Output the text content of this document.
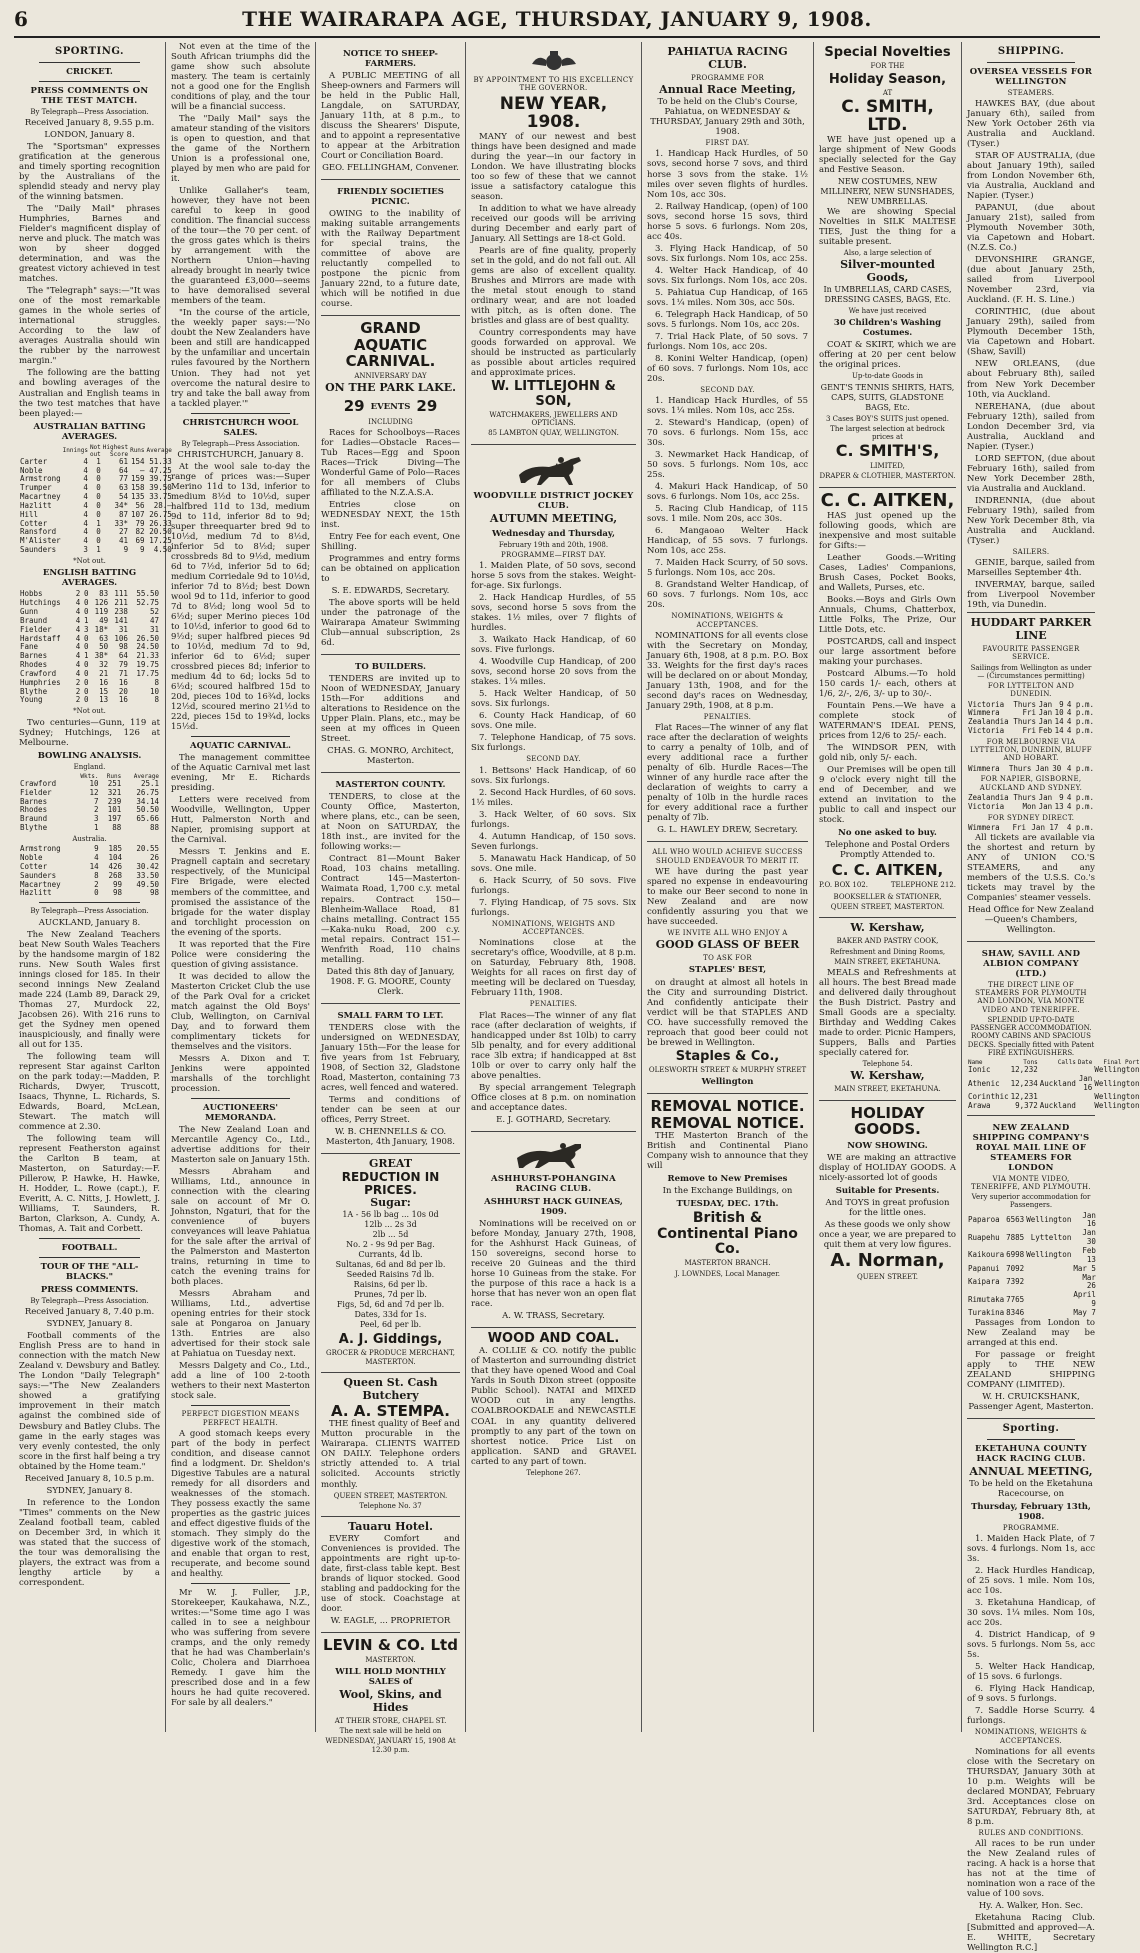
6	THE WAIRARAPA AGE, THURSDAY, JANUARY 9, 1908.
SPORTING.
CRICKET.
PRESS COMMENTS ON THE TEST MATCH.
By Telegraph—Press Association.

Received January 8, 9.55 p.m.

LONDON, January 8.

The "Sportsman" expresses gratification at the generous and timely sporting recognition by the Australians of the splendid steady and nervy play of the winning batsmen.

The "Daily Mail" phrases Humphries, Barnes and Fielder's magnificent display of nerve and pluck. The match was won by sheer dogged determination, and was the greatest victory achieved in test matches.

The "Telegraph" says:—"It was one of the most remarkable games in the whole series of international struggles. According to the law of averages Australia should win the rubber by the narrowest margin."

The following are the batting and bowling averages of the Australian and English teams in the two test matches that have been played:—

AUSTRALIAN BATTING AVERAGES.
	Innings	Not out	Highest Score	Runs	Average
Carter	4	1	61	154	51.33
Noble	4	0	64	—	47.25
Armstrong	4	0	77	159	39.75
Trumper	4	0	63	158	39.50
Macartney	4	0	54	135	33.75
Hazlitt	4	0	34*	56	28.—
Hill	4	0	87	107	26.75
Cotter	4	1	33*	79	26.33
Ransford	4	0	27	82	20.50
M'Alister	4	0	41	69	17.25
Saunders	3	1	9	9	4.50
*Not out.
ENGLISH BATTING AVERAGES.
Hobbs	2	0	83	111	55.50
Hutchings	4	0	126	211	52.75
Gunn	4	0	119	238	52
Braund	4	1	49	141	47
Fielder	4	3	18*	31	31
Hardstaff	4	0	63	106	26.50
Fane	4	0	50	98	24.50
Barnes	4	1	38*	64	21.33
Rhodes	4	0	32	79	19.75
Crawford	4	0	21	71	17.75
Humphries	2	0	16	16	8
Blythe	2	0	15	20	10
Young	2	0	13	16	8
*Not out.

Two centuries—Gunn, 119 at Sydney; Hutchings, 126 at Melbourne.

BOWLING ANALYSIS.
England.
	Wkts.	Runs	Average
Crawford	10	251	25.1
Fielder	12	321	26.75
Barnes	7	239	34.14
Rhodes	2	101	50.50
Braund	3	197	65.66
Blythe	1	88	88
Australia.
Armstrong	9	185	20.55
Noble	4	104	26
Cotter	14	426	30.42
Saunders	8	268	33.50
Macartney	2	99	49.50
Hazlitt	0	98	98
By Telegraph—Press Association.

AUCKLAND, January 8.

The New Zealand Teachers beat New South Wales Teachers by the handsome margin of 182 runs. New South Wales first innings closed for 185. In their second innings New Zealand made 224 (Lamb 89, Darack 29, Thomas 27, Murdock 22, Jacobsen 26). With 216 runs to get the Sydney men opened inauspiciously, and finally were all out for 135.

The following team will represent Star against Carlton on the park today:—Madden, P. Richards, Dwyer, Truscott, Isaacs, Thynne, L. Richards, S. Edwards, Board, McLean, Stewart. The match will commence at 2.30.

The following team will represent Featherston against the Carlton B team, at Masterton, on Saturday:—F. Pillerow, P. Hawke, H. Hawke, H. Hodder, L. Rowe (capt.), F. Everitt, A. C. Nitts, J. Howlett, J. Williams, T. Saunders, R. Barton, Clarkson, A. Cundy, A. Thomas, A. Tait and Corbett.

FOOTBALL.
TOUR OF THE "ALL-BLACKS."
PRESS COMMENTS.
By Telegraph—Press Association.

Received January 8, 7.40 p.m.

SYDNEY, January 8.

Football comments of the English Press are to hand in connection with the match New Zealand v. Dewsbury and Batley. The London "Daily Telegraph" says:—"The New Zealanders showed a gratifying improvement in their match against the combined side of Dewsbury and Batley Clubs. The game in the early stages was very evenly contested, the only score in the first half being a try obtained by the Home team."

Received January 8, 10.5 p.m.

SYDNEY, January 8.

In reference to the London "Times" comments on the New Zealand football team, cabled on December 3rd, in which it was stated that the success of the tour was demoralising the players, the extract was from a lengthy article by a correspondent.

Not even at the time of the South African triumphs did the game show such absolute mastery. The team is certainly not a good one for the English conditions of play, and the tour will be a financial success.

The "Daily Mail" says the amateur standing of the visitors is open to question, and that the game of the Northern Union is a professional one, played by men who are paid for it.

Unlike Gallaher's team, however, they have not been careful to keep in good condition. The financial success of the tour—the 70 per cent. of the gross gates which is theirs by arrangement with the Northern Union—having already brought in nearly twice the guaranteed £3,000—seems to have demoralised several members of the team.

"In the course of the article, the weekly paper says:—'No doubt the New Zealanders have been and still are handicapped by the unfamiliar and uncertain rules favoured by the Northern Union. They had not yet overcome the natural desire to try and take the ball away from a tackled player.'"

CHRISTCHURCH WOOL SALES.
By Telegraph—Press Association.

CHRISTCHURCH, January 8.

At the wool sale to-day the range of prices was:—Super Merino 11d to 13d, inferior to medium 8½d to 10½d, super halfbred 11d to 13d, medium 9d to 11d, inferior 8d to 9d; super threequarter bred 9d to 10½d, medium 7d to 8½d, inferior 5d to 8½d; super crossbreds 8d to 9½d, medium 6d to 7½d, inferior 5d to 6d; medium Corriedale 9d to 10½d, inferior 7d to 8½d; best Down wool 9d to 11d, inferior to good 7d to 8½d; long wool 5d to 6½d; super Merino pieces 10d to 10½d, inferior to good 6d to 9½d; super halfbred pieces 9d to 10½d, medium 7d to 9d, inferior 6d to 6½d; super crossbred pieces 8d; inferior to medium 4d to 6d; locks 5d to 6½d; scoured halfbred 15d to 20d, pieces 10d to 16¾d, locks 12½d, scoured merino 21½d to 22d, pieces 15d to 19¾d, locks 15½d.

AQUATIC CARNIVAL.

The management committee of the Aquatic Carnival met last evening, Mr E. Richards presiding.

Letters were received from Woodville, Wellington, Upper Hutt, Palmerston North and Napier, promising support at the Carnival.

Messrs T. Jenkins and E. Pragnell captain and secretary respectively, of the Municipal Fire Brigade, were elected members of the committee, and promised the assistance of the brigade for the water display and torchlight procession on the evening of the sports.

It was reported that the Fire Police were considering the question of giving assistance.

It was decided to allow the Masterton Cricket Club the use of the Park Oval for a cricket match against the Old Boys' Club, Wellington, on Carnival Day, and to forward them complimentary tickets for themselves and the visitors.

Messrs A. Dixon and T. Jenkins were appointed marshalls of the torchlight procession.

AUCTIONEERS' MEMORANDA.

The New Zealand Loan and Mercantile Agency Co., Ltd., advertise additions for their Masterton sale on January 15th.

Messrs Abraham and Williams, Ltd., announce in connection with the clearing sale on account of Mr O. Johnston, Ngaturi, that for the convenience of buyers conveyances will leave Pahiatua for the sale after the arrival of the Palmerston and Masterton trains, returning in time to catch the evening trains for both places.

Messrs Abraham and Williams, Ltd., advertise opening entries for their stock sale at Pongaroa on January 13th. Entries are also advertised for their stock sale at Pahiatua on Tuesday next.

Messrs Dalgety and Co., Ltd., add a line of 100 2-tooth wethers to their next Masterton stock sale.

PERFECT DIGESTION MEANS PERFECT HEALTH.

A good stomach keeps every part of the body in perfect condition, and disease cannot find a lodgment. Dr. Sheldon's Digestive Tabules are a natural remedy for all disorders and weaknesses of the stomach. They possess exactly the same properties as the gastric juices and effect digestive fluids of the stomach. They simply do the digestive work of the stomach, and enable that organ to rest, recuperate, and become sound and healthy.

Mr W. J. Fuller, J.P., Storekeeper, Kaukahawa, N.Z., writes:—"Some time ago I was called in to see a neighbour who was suffering from severe cramps, and the only remedy that he had was Chamberlain's Colic, Cholera and Diarrhoea Remedy. I gave him the prescribed dose and in a few hours he had quite recovered. For sale by all dealers."

NOTICE TO SHEEP-FARMERS.

A PUBLIC MEETING of all Sheep-owners and Farmers will be held in the Public Hall, Langdale, on SATURDAY, January 11th, at 8 p.m., to discuss the Shearers' Dispute, and to appoint a representative to appear at the Arbitration Court or Conciliation Board.

GEO. FELLINGHAM, Convener.

FRIENDLY SOCIETIES PICNIC.

OWING to the inability of making suitable arrangements with the Railway Department for special trains, the committee of above are reluctantly compelled to postpone the picnic from January 22nd, to a future date, which will be notified in due course.

GRAND
AQUATIC
CARNIVAL.
ANNIVERSARY DAY
ON THE PARK LAKE.
29 EVENTS 29
INCLUDING

Races for Schoolboys—Races for Ladies—Obstacle Races—Tub Races—Egg and Spoon Races—Trick Diving—The Wonderful Game of Polo—Races for all members of Clubs affiliated to the N.Z.A.S.A.

Entries close on WEDNESDAY NEXT, the 15th inst.

Entry Fee for each event, One Shilling.

Programmes and entry forms can be obtained on application to

S. E. EDWARDS, Secretary.

The above sports will be held under the patronage of the Wairarapa Amateur Swimming Club—annual subscription, 2s 6d.

TO BUILDERS.

TENDERS are invited up to Noon of WEDNESDAY, January 15th—For additions and alterations to Residence on the Upper Plain. Plans, etc., may be seen at my offices in Queen Street.

CHAS. G. MONRO, Architect, Masterton.

MASTERTON COUNTY.

TENDERS, to close at the County Office, Masterton, where plans, etc., can be seen, at Noon on SATURDAY, the 18th inst., are invited for the following works:—

Contract 81—Mount Baker Road, 103 chains metalling. Contract 145—Masterton-Waimata Road, 1,700 c.y. metal repairs. Contract 150—Blenheim-Wallace Road, 81 chains metalling. Contract 155—Kaka-nuku Road, 200 c.y. metal repairs. Contract 151—Wenfrith Road, 110 chains metalling.

Dated this 8th day of January, 1908. F. G. MOORE, County Clerk.

SMALL FARM TO LET.

TENDERS close with the undersigned on WEDNESDAY, January 15th—For the lease for five years from 1st February, 1908, of Section 32, Gladstone Road, Masterton, containing 73 acres, well fenced and watered.

Terms and conditions of tender can be seen at our offices, Perry Street.

W. B. CHENNELLS & CO. Masterton, 4th January, 1908.

GREAT
REDUCTION IN PRICES.
Sugar:
1A - 56 lb bag ... 10s 0d
12lb ... 2s 3d
2lb ... 5d
No. 2 - 9s 9d per Bag.
Currants, 4d lb.
Sultanas, 6d and 8d per lb.
Seeded Raisins 7d lb.
Raisins, 6d per lb.
Prunes, 7d per lb.
Figs, 5d, 6d and 7d per lb.
Dates, 33d for 1s.
Peel, 6d per lb.
A. J. Giddings,
GROCER & PRODUCE MERCHANT, MASTERTON.
Queen St. Cash Butchery
A. A. STEMPA.

THE finest quality of Beef and Mutton procurable in the Wairarapa. CLIENTS WAITED ON DAILY. Telephone orders strictly attended to. A trial solicited. Accounts strictly monthly.

QUEEN STREET, MASTERTON.
Telephone No. 37
Tauaru Hotel.

EVERY Comfort and Conveniences is provided. The appointments are right up-to-date, first-class table kept. Best brands of liquor stocked. Good stabling and paddocking for the use of stock. Coachstage at door.

W. EAGLE, ... PROPRIETOR

LEVIN & CO. Ltd
MASTERTON.
WILL HOLD MONTHLY SALES of
Wool, Skins, and Hides
AT THEIR STORE, CHAPEL ST.
The next sale will be held on
WEDNESDAY, JANUARY 15, 1908 At 12.30 p.m.
BY APPOINTMENT TO HIS EXCELLENCY THE GOVERNOR.
NEW YEAR, 1908.

MANY of our newest and best things have been designed and made during the year—in our factory in London. We have illustrating blocks too so few of these that we cannot issue a satisfactory catalogue this season.

In addition to what we have already received our goods will be arriving during December and early part of January. All Settings are 18-ct Gold.

Pearls are of fine quality, properly set in the gold, and do not fall out. All gems are also of excellent quality. Brushes and Mirrors are made with the metal stout enough to stand ordinary wear, and are not loaded with pitch, as is often done. The bristles and glass are of best quality.

Country correspondents may have goods forwarded on approval. We should be instructed as particularly as possible about articles required and approximate prices.

W. LITTLEJOHN & SON,
WATCHMAKERS, JEWELLERS AND OPTICIANS.
85 LAMBTON QUAY, WELLINGTON.
WOODVILLE DISTRICT JOCKEY CLUB.
AUTUMN MEETING,
Wednesday and Thursday,
February 19th and 20th, 1908.
PROGRAMME—FIRST DAY.

1. Maiden Plate, of 50 sovs, second horse 5 sovs from the stakes. Weight-for-age. Six furlongs.

2. Hack Handicap Hurdles, of 55 sovs, second horse 5 sovs from the stakes. 1½ miles, over 7 flights of hurdles.

3. Waikato Hack Handicap, of 60 sovs. Five furlongs.

4. Woodville Cup Handicap, of 200 sovs, second horse 20 sovs from the stakes. 1¼ miles.

5. Hack Welter Handicap, of 50 sovs. Six furlongs.

6. County Hack Handicap, of 60 sovs. One mile.

7. Telephone Handicap, of 75 sovs. Six furlongs.

SECOND DAY.

1. Bettsons' Hack Handicap, of 60 sovs. Six furlongs.

2. Second Hack Hurdles, of 60 sovs. 1½ miles.

3. Hack Welter, of 60 sovs. Six furlongs.

4. Autumn Handicap, of 150 sovs. Seven furlongs.

5. Manawatu Hack Handicap, of 50 sovs. One mile.

6. Hack Scurry, of 50 sovs. Five furlongs.

7. Flying Handicap, of 75 sovs. Six furlongs.

NOMINATIONS, WEIGHTS AND ACCEPTANCES.

Nominations close at the secretary's office, Woodville, at 8 p.m. on Saturday, February 8th, 1908. Weights for all races on first day of meeting will be declared on Tuesday, February 11th, 1908.

PENALTIES.

Flat Races—The winner of any flat race (after declaration of weights, if handicapped under 8st 10lb) to carry 5lb penalty, and for every additional race 3lb extra; if handicapped at 8st 10lb or over to carry only half the above penalties.

By special arrangement Telegraph Office closes at 8 p.m. on nomination and acceptance dates.

E. J. GOTHARD, Secretary.

ASHHURST-POHANGINA RACING CLUB.
ASHHURST HACK GUINEAS, 1909.

Nominations will be received on or before Monday, January 27th, 1908, for the Ashhurst Hack Guineas, of 150 sovereigns, second horse to receive 20 Guineas and the third horse 10 Guineas from the stake. For the purpose of this race a hack is a horse that has never won an open flat race.

A. W. TRASS, Secretary.

WOOD AND COAL.

A. COLLIE & CO. notify the public of Masterton and surrounding district that they have opened Wood and Coal Yards in South Dixon street (opposite Public School). NATAI and MIXED WOOD cut in any lengths. COALBROOKDALE and NEWCASTLE COAL in any quantity delivered promptly to any part of the town on shortest notice. Price List on application. SAND and GRAVEL carted to any part of town.

Telephone 267.
PAHIATUA RACING CLUB.
PROGRAMME FOR
Annual Race Meeting,

To be held on the Club's Course, Pahiatua, on WEDNESDAY & THURSDAY, January 29th and 30th, 1908.

FIRST DAY.

1. Handicap Hack Hurdles, of 50 sovs, second horse 7 sovs, and third horse 3 sovs from the stake. 1½ miles over seven flights of hurdles. Nom 10s, acc 30s.

2. Railway Handicap, (open) of 100 sovs, second horse 15 sovs, third horse 5 sovs. 6 furlongs. Nom 20s, acc 40s.

3. Flying Hack Handicap, of 50 sovs. Six furlongs. Nom 10s, acc 25s.

4. Welter Hack Handicap, of 40 sovs. Six furlongs. Nom 10s, acc 20s.

5. Pahiatua Cup Handicap, of 165 sovs. 1¼ miles. Nom 30s, acc 50s.

6. Telegraph Hack Handicap, of 50 sovs. 5 furlongs. Nom 10s, acc 20s.

7. Trial Hack Plate, of 50 sovs. 7 furlongs. Nom 10s, acc 20s.

8. Konini Welter Handicap, (open) of 60 sovs. 7 furlongs. Nom 10s, acc 20s.

SECOND DAY.

1. Handicap Hack Hurdles, of 55 sovs. 1¼ miles. Nom 10s, acc 25s.

2. Steward's Handicap, (open) of 70 sovs. 6 furlongs. Nom 15s, acc 30s.

3. Newmarket Hack Handicap, of 50 sovs. 5 furlongs. Nom 10s, acc 25s.

4. Makuri Hack Handicap, of 50 sovs. 6 furlongs. Nom 10s, acc 25s.

5. Racing Club Handicap, of 115 sovs. 1 mile. Nom 20s, acc 30s.

6. Mangaoao Welter Hack Handicap, of 55 sovs. 7 furlongs. Nom 10s, acc 25s.

7. Maiden Hack Scurry, of 50 sovs. 5 furlongs. Nom 10s, acc 20s.

8. Grandstand Welter Handicap, of 60 sovs. 7 furlongs. Nom 10s, acc 20s.

NOMINATIONS, WEIGHTS & ACCEPTANCES.

NOMINATIONS for all events close with the Secretary on Monday, January 6th, 1908, at 8 p.m. P.O. Box 33. Weights for the first day's races will be declared on or about Monday, January 13th, 1908, and for the second day's races on Wednesday, January 29th, 1908, at 8 p.m.

PENALTIES.

Flat Races—The winner of any flat race after the declaration of weights to carry a penalty of 10lb, and of every additional race a further penalty of 6lb. Hurdle Races—The winner of any hurdle race after the declaration of weights to carry a penalty of 10lb in the hurdle races for every additional race a further penalty of 7lb.

G. L. HAWLEY DREW, Secretary.

ALL WHO WOULD ACHIEVE SUCCESS SHOULD ENDEAVOUR TO MERIT IT.

WE have during the past year spared no expense in endeavouring to make our Beer second to none in New Zealand and are now confidently assuring you that we have succeeded.

WE INVITE ALL WHO ENJOY A
GOOD GLASS OF BEER
TO ASK FOR
STAPLES' BEST,

on draught at almost all hotels in the City and surrounding District. And confidently anticipate their verdict will be that STAPLES AND CO. have successfully removed the reproach that good beer could not be brewed in Wellington.

Staples & Co.,
OLESWORTH STREET & MURPHY STREET
Wellington
REMOVAL NOTICE.
REMOVAL NOTICE.

THE Masterton Branch of the British and Continental Piano Company wish to announce that they will

Remove to New Premises

In the Exchange Buildings, on

TUESDAY, DEC. 17th.
British & Continental Piano Co.
MASTERTON BRANCH.
J. LOWNDES, Local Manager.
Special Novelties
FOR THE
Holiday Season,
AT
C. SMITH, LTD.

WE have just opened up a large shipment of New Goods specially selected for the Gay and Festive Season.

NEW COSTUMES, NEW MILLINERY, NEW SUNSHADES, NEW UMBRELLAS.

We are showing Special Novelties in SILK MALTESE TIES, Just the thing for a suitable present.

Also, a large selection of
Silver-mounted Goods,
In UMBRELLAS, CARD CASES, DRESSING CASES, BAGS, Etc.
We have just received
30 Children's Washing Costumes.

COAT & SKIRT, which we are offering at 20 per cent below the original prices.

Up-to-date Goods in
GENT'S TENNIS SHIRTS, HATS, CAPS, SUITS, GLADSTONE BAGS, Etc.
3 Cases BOY'S SUITS just opened.
The largest selection at bedrock prices at
C. SMITH'S,
LIMITED,
DRAPER & CLOTHIER, MASTERTON.
C. C. AITKEN,

HAS just opened up the following goods, which are inexpensive and most suitable for Gifts:—

Leather Goods.—Writing Cases, Ladies' Companions, Brush Cases, Pocket Books, and Wallets, Purses, etc.

Books.—Boys and Girls Own Annuals, Chums, Chatterbox, Little Folks, The Prize, Our Little Dots, etc.

POSTCARDS, call and inspect our large assortment before making your purchases.

Postcard Albums.—To hold 150 cards 1/- each, others at 1/6, 2/-, 2/6, 3/- up to 30/-.

Fountain Pens.—We have a complete stock of WATERMAN'S IDEAL PENS, prices from 12/6 to 25/- each.

The WINDSOR PEN, with gold nib, only 5/- each.

Our Premises will be open till 9 o'clock every night till the end of December, and we extend an invitation to the public to call and inspect our stock.

No one asked to buy.

Telephone and Postal Orders Promptly Attended to.

C. C. AITKEN,
P.O. BOX 102.	TELEPHONE 212.
BOOKSELLER & STATIONER,
QUEEN STREET, MASTERTON.
W. Kershaw,
BAKER AND PASTRY COOK,
Refreshment and Dining Rooms,
MAIN STREET, EKETAHUNA.

MEALS and Refreshments at all hours. The best Bread made and delivered daily throughout the Bush District. Pastry and Small Goods are a specialty. Birthday and Wedding Cakes made to order. Picnic Hampers, Suppers, Balls and Parties specially catered for.

Telephone 54.
W. Kershaw,
MAIN STREET, EKETAHUNA.
HOLIDAY GOODS.
NOW SHOWING.

WE are making an attractive display of HOLIDAY GOODS. A nicely-assorted lot of goods

Suitable for Presents.

And TOYS in great profusion for the little ones.

As these goods we only show once a year, we are prepared to quit them at very low figures.

A. Norman,
QUEEN STREET.
SHIPPING.
OVERSEA VESSELS FOR WELLINGTON
STEAMERS.

HAWKES BAY, (due about January 6th), sailed from New York October 26th via Australia and Auckland. (Tyser.)

STAR OF AUSTRALIA, (due about January 19th), sailed from London November 6th, via Australia, Auckland and Napier. (Tyser.)

PAPANUI, (due about January 21st), sailed from Plymouth November 30th, via Capetown and Hobart. (N.Z.S. Co.)

DEVONSHIRE GRANGE, (due about January 25th, sailed from Liverpool November 23rd, via Auckland. (F. H. S. Line.)

CORINTHIC, (due about January 29th), sailed from Plymouth December 15th, via Capetown and Hobart. (Shaw, Savill)

NEW ORLEANS, (due about February 8th), sailed from New York December 10th, via Auckland.

NEREHANA, (due about February 12th), sailed from London December 3rd, via Australia, Auckland and Napier. (Tyser.)

LORD SEFTON, (due about February 16th), sailed from New York December 28th, via Australia and Auckland.

INDRENNIA, (due about February 19th), sailed from New York December 8th, via Australia and Auckland. (Tyser.)

SAILERS.

GENIE, barque, sailed from Marseilles September 4th.

INVERMAY, barque, sailed from Liverpool November 19th, via Dunedin.

HUDDART PARKER LINE
FAVOURITE PASSENGER SERVICE.
Sailings from Wellington as under — (Circumstances permitting)
FOR LYTTELTON AND DUNEDIN.
Victoria	Thurs	Jan	9	4 p.m.
Wimmera	Fri	Jan	10	4 p.m.
Zealandia	Thurs	Jan	14	4 p.m.
Victoria	Fri	Feb	14	4 p.m.
FOR MELBOURNE VIA LYTTELTON, DUNEDIN, BLUFF AND HOBART.
Wimmera	Thurs	Jan	30	4 p.m.
FOR NAPIER, GISBORNE, AUCKLAND AND SYDNEY.
Zealandia	Thurs	Jan	9	4 p.m.
Victoria	Mon	Jan	13	4 p.m.
FOR SYDNEY DIRECT.
Wimmera	Fri	Jan	17	4 p.m.

All tickets are available via the shortest and return by ANY of UNION CO.'S STEAMERS, and any members of the U.S.S. Co.'s tickets may travel by the Companies' steamer vessels.

Head Office for New Zealand—Queen's Chambers, Wellington.

SHAW, SAVILL AND ALBION COMPANY (LTD.)
THE DIRECT LINE OF STEAMERS FOR PLYMOUTH AND LONDON, VIA MONTE VIDEO AND TENERIFFE.
SPLENDID UP-TO-DATE PASSENGER ACCOMMODATION. ROOMY CABINS AND SPACIOUS DECKS. Specially fitted with Patent FIRE EXTINGUISHERS.
Name	Tons	Calls	Date	Final Port
Ionic	12,232			Wellington
Athenic	12,234	Auckland	Jan 16	Wellington
Corinthic	12,231			Wellington
Arawa	9,372	Auckland		Wellington
NEW ZEALAND SHIPPING COMPANY'S ROYAL MAIL LINE OF STEAMERS FOR LONDON
VIA MONTE VIDEO, TENERIFFE, AND PLYMOUTH.
Very superior accommodation for Passengers.
Paparoa	6563	Wellington	Jan 16
Ruapehu	7885	Lyttelton	Jan 30
Kaikoura	6998	Wellington	Feb 13
Papanui	7092		Mar 5
Kaipara	7392		Mar 26
Rimutaka	7765		April 9
Turakina	8346		May 7

Passages from London to New Zealand may be arranged at this end.

For passage or freight apply to THE NEW ZEALAND SHIPPING COMPANY (LIMITED).

W. H. CRUICKSHANK, Passenger Agent, Masterton.

Sporting.
EKETAHUNA COUNTY HACK RACING CLUB.
ANNUAL MEETING,

To be held on the Eketahuna Racecourse, on

Thursday, February 13th, 1908.
PROGRAMME.

1. Maiden Hack Plate, of 7 sovs. 4 furlongs. Nom 1s, acc 3s.

2. Hack Hurdles Handicap, of 25 sovs. 1 mile. Nom 10s, acc 10s.

3. Eketahuna Handicap, of 30 sovs. 1¼ miles. Nom 10s, acc 20s.

4. District Handicap, of 9 sovs. 5 furlongs. Nom 5s, acc 5s.

5. Welter Hack Handicap, of 15 sovs. 6 furlongs.

6. Flying Hack Handicap, of 9 sovs. 5 furlongs.

7. Saddle Horse Scurry. 4 furlongs.

NOMINATIONS, WEIGHTS & ACCEPTANCES.

Nominations for all events close with the Secretary on THURSDAY, January 30th at 10 p.m. Weights will be declared MONDAY, February 3rd. Acceptances close on SATURDAY, February 8th, at 8 p.m.

RULES AND CONDITIONS.

All races to be run under the New Zealand rules of racing. A hack is a horse that has not at the time of nomination won a race of the value of 100 sovs.

Hy. A. Walker, Hon. Sec.

Eketahuna Racing Club. [Submitted and approved—A. E. WHITE, Secretary Wellington R.C.]
